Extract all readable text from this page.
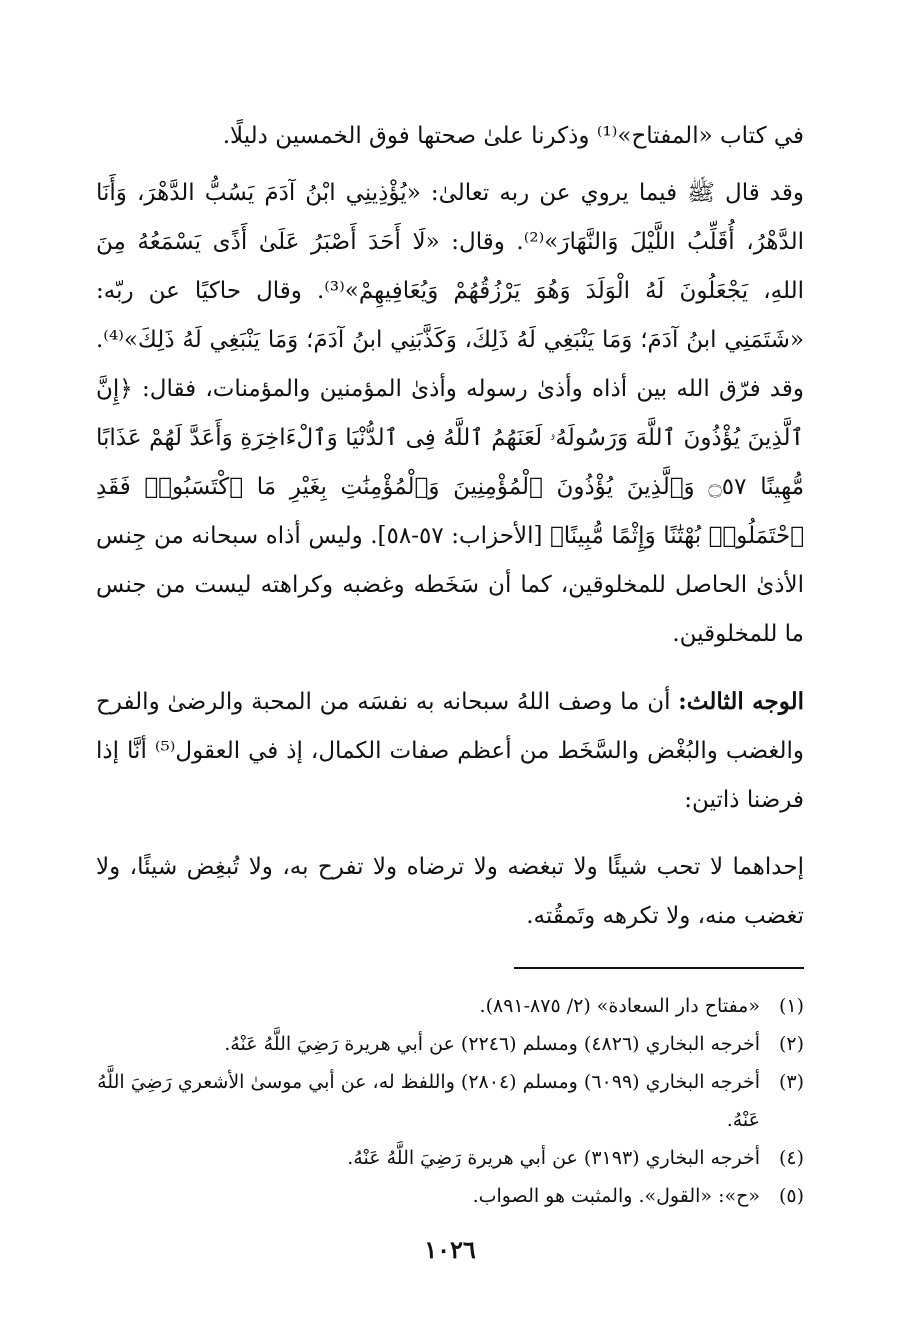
في كتاب «المفتاح»⁽¹⁾ وذكرنا علىٰ صحتها فوق الخمسين دليلًا.

وقد قال ﷺ فيما يروي عن ربه تعالىٰ: «يُؤْذِينِي ابْنُ آدَمَ يَسُبُّ الدَّهْرَ، وَأَنَا الدَّهْرُ، أُقَلِّبُ اللَّيْلَ وَالنَّهَارَ»⁽²⁾. وقال: «لَا أَحَدَ أَصْبَرُ عَلَىٰ أَذًى يَسْمَعُهُ مِنَ اللهِ، يَجْعَلُونَ لَهُ الْوَلَدَ وَهُوَ يَرْزُقُهُمْ وَيُعَافِيهِمْ»⁽³⁾. وقال حاكيًا عن ربّه: «شَتَمَنِي ابنُ آدَمَ؛ وَمَا يَنْبَغِي لَهُ ذَلِكَ، وَكَذَّبَنِي ابنُ آدَمَ؛ وَمَا يَنْبَغِي لَهُ ذَلِكَ»⁽⁴⁾. وقد فرّق الله بين أذاه وأذىٰ رسوله وأذىٰ المؤمنين والمؤمنات، فقال: ﴿إِنَّ ٱلَّذِينَ يُؤْذُونَ ٱللَّهَ وَرَسُولَهُۥ لَعَنَهُمُ ٱللَّهُ فِى ٱلدُّنْيَا وَٱلْءَاخِرَةِ وَأَعَدَّ لَهُمْ عَذَابًا مُّهِينًا ۝٥٧ وَٱلَّذِينَ يُؤْذُونَ ٱلْمُؤْمِنِينَ وَٱلْمُؤْمِنَٰتِ بِغَيْرِ مَا ٱكْتَسَبُوا۟ فَقَدِ ٱحْتَمَلُوا۟ بُهْتَٰنًا وَإِثْمًا مُّبِينًا﴾ [الأحزاب: ٥٧-٥٨]. وليس أذاه سبحانه من جِنس الأذىٰ الحاصل للمخلوقين، كما أن سَخَطه وغضبه وكراهته ليست من جنس ما للمخلوقين.

الوجه الثالث: أن ما وصف اللهُ سبحانه به نفسَه من المحبة والرضىٰ والفرح والغضب والبُغْض والسَّخَط من أعظم صفات الكمال، إذ في العقول⁽⁵⁾ أنَّا إذا فرضنا ذاتين:

إحداهما لا تحب شيئًا ولا تبغضه ولا ترضاه ولا تفرح به، ولا تُبغِض شيئًا، ولا تغضب منه، ولا تكرهه وتَمقُته.

(١)
«مفتاح دار السعادة» (٢/ ٨٧٥-٨٩١).

(٢)
أخرجه البخاري (٤٨٢٦) ومسلم (٢٢٤٦) عن أبي هريرة رَضِيَ اللَّهُ عَنْهُ.

(٣)
أخرجه البخاري (٦٠٩٩) ومسلم (٢٨٠٤) واللفظ له، عن أبي موسىٰ الأشعري رَضِيَ اللَّهُ عَنْهُ.

(٤)
أخرجه البخاري (٣١٩٣) عن أبي هريرة رَضِيَ اللَّهُ عَنْهُ.

(٥)
«ح»: «القول». والمثبت هو الصواب.

١٠٢٦
